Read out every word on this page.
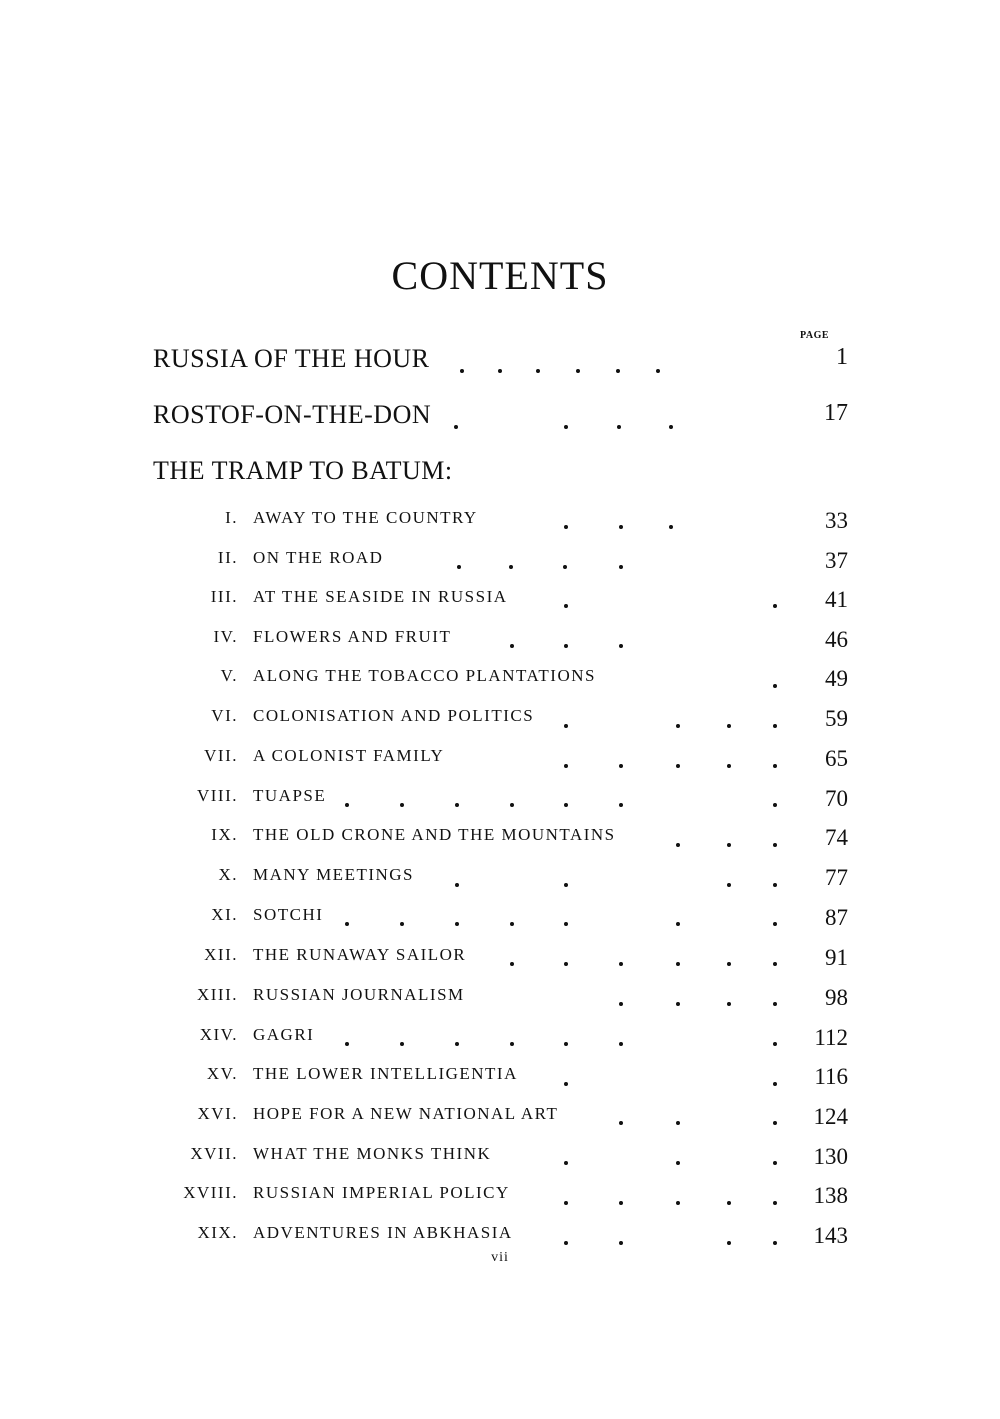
CONTENTS
PAGE
RUSSIA OF THE HOUR	1
ROSTOF-ON-THE-DON	17
THE TRAMP TO BATUM:
I. AWAY TO THE COUNTRY	33
II. ON THE ROAD	37
III. AT THE SEASIDE IN RUSSIA	41
IV. FLOWERS AND FRUIT	46
V. ALONG THE TOBACCO PLANTATIONS	49
VI. COLONISATION AND POLITICS	59
VII. A COLONIST FAMILY	65
VIII. TUAPSE	70
IX. THE OLD CRONE AND THE MOUNTAINS	74
X. MANY MEETINGS	77
XI. SOTCHI	87
XII. THE RUNAWAY SAILOR	91
XIII. RUSSIAN JOURNALISM	98
XIV. GAGRI	112
XV. THE LOWER INTELLIGENTIA	116
XVI. HOPE FOR A NEW NATIONAL ART	124
XVII. WHAT THE MONKS THINK	130
XVIII. RUSSIAN IMPERIAL POLICY	138
XIX. ADVENTURES IN ABKHASIA	143
vii
